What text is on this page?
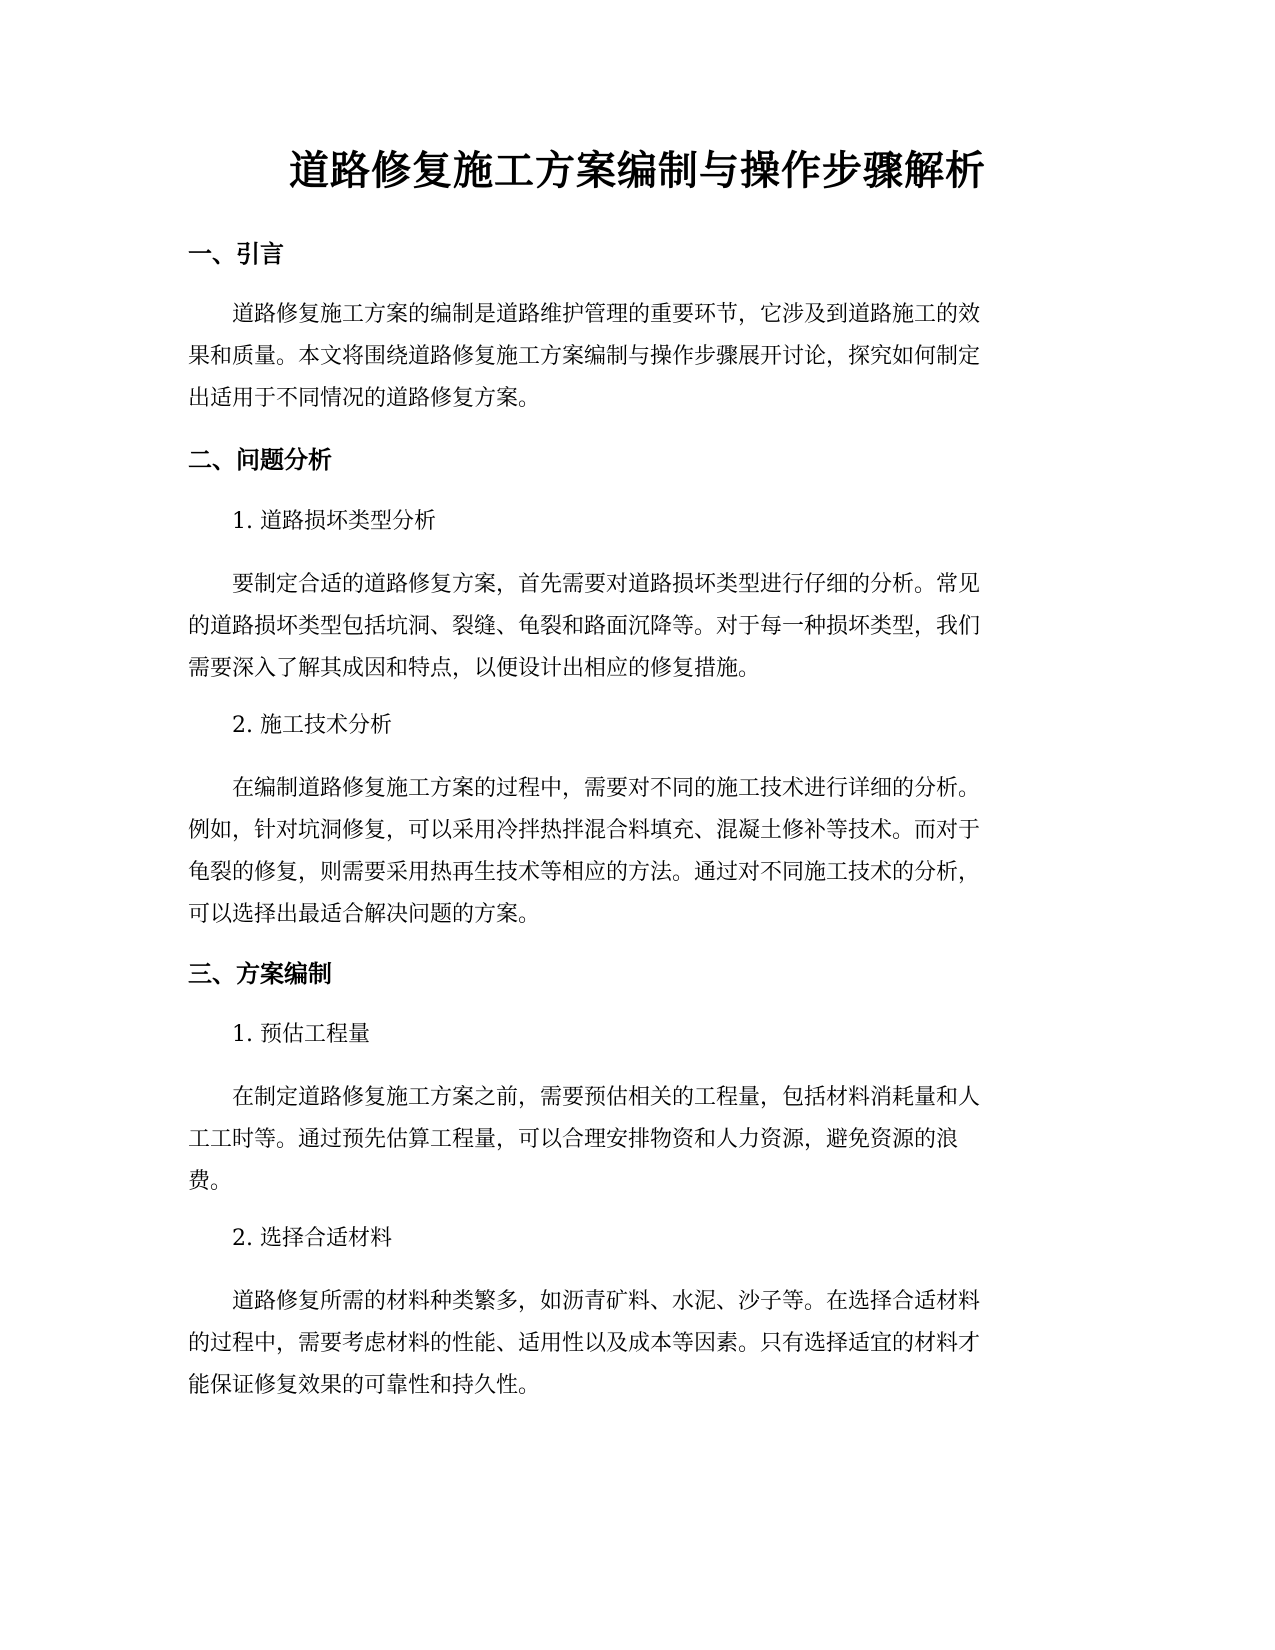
道路修复施工方案编制与操作步骤解析
一、引言
道路修复施工方案的编制是道路维护管理的重要环节，它涉及到道路施工的效
果和质量。本文将围绕道路修复施工方案编制与操作步骤展开讨论，探究如何制定
出适用于不同情况的道路修复方案。
二、问题分析
1. 道路损坏类型分析
要制定合适的道路修复方案，首先需要对道路损坏类型进行仔细的分析。常见
的道路损坏类型包括坑洞、裂缝、龟裂和路面沉降等。对于每一种损坏类型，我们
需要深入了解其成因和特点，以便设计出相应的修复措施。
2. 施工技术分析
在编制道路修复施工方案的过程中，需要对不同的施工技术进行详细的分析。
例如，针对坑洞修复，可以采用冷拌热拌混合料填充、混凝土修补等技术。而对于
龟裂的修复，则需要采用热再生技术等相应的方法。通过对不同施工技术的分析，
可以选择出最适合解决问题的方案。
三、方案编制
1. 预估工程量
在制定道路修复施工方案之前，需要预估相关的工程量，包括材料消耗量和人
工工时等。通过预先估算工程量，可以合理安排物资和人力资源，避免资源的浪
费。
2. 选择合适材料
道路修复所需的材料种类繁多，如沥青矿料、水泥、沙子等。在选择合适材料
的过程中，需要考虑材料的性能、适用性以及成本等因素。只有选择适宜的材料才
能保证修复效果的可靠性和持久性。
